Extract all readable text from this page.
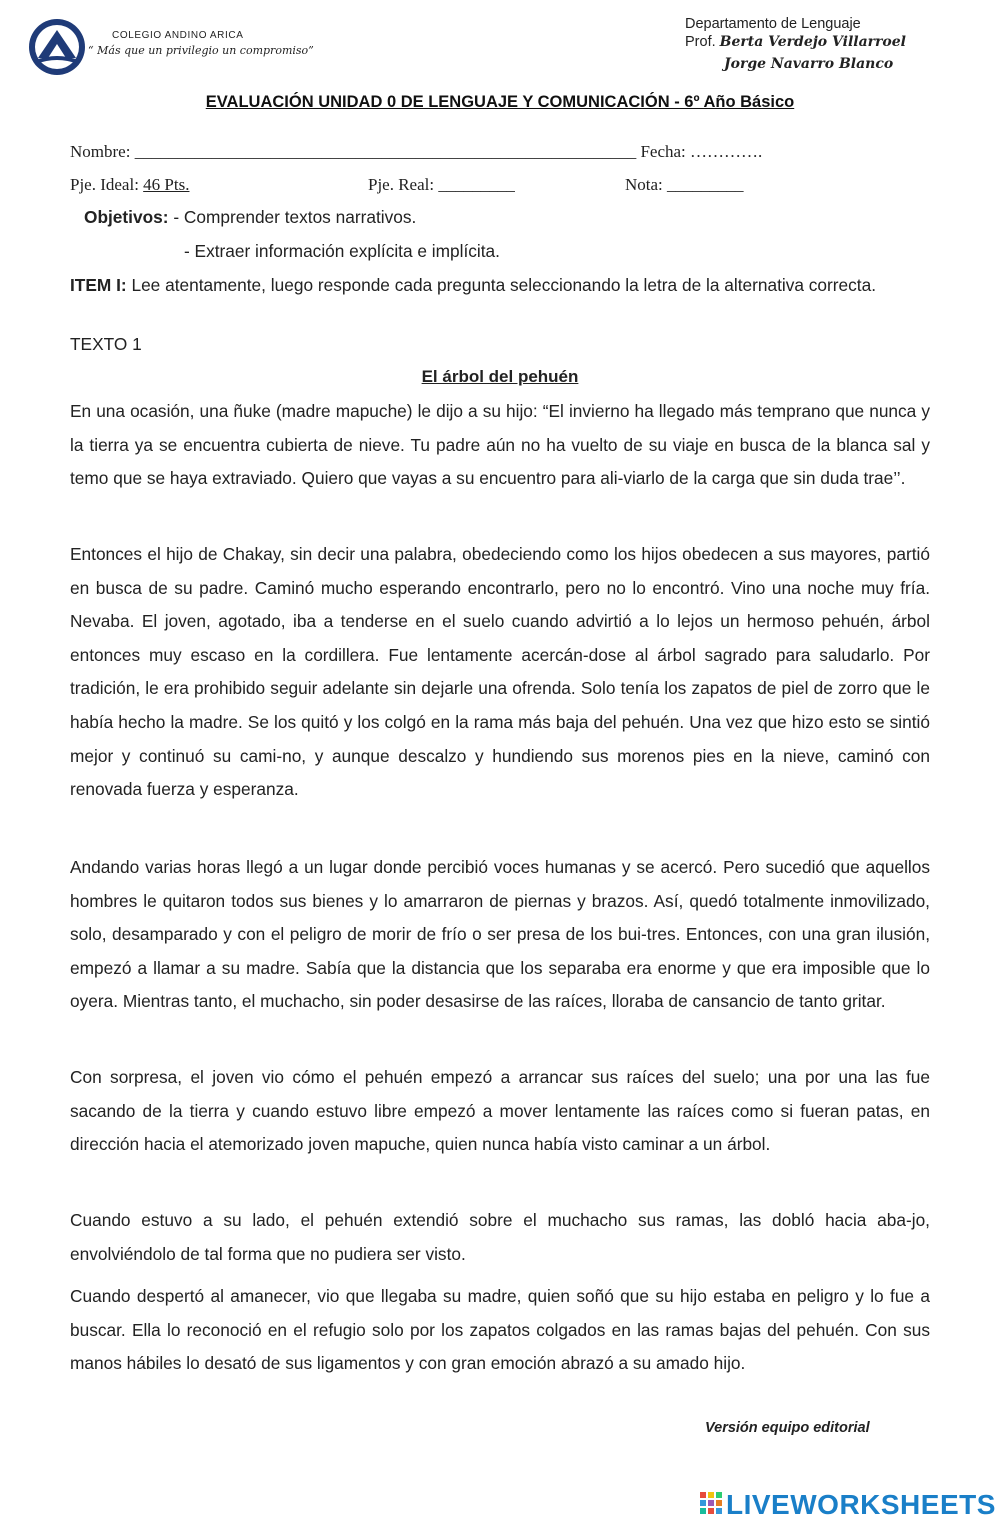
COLEGIO ANDINO ARICA
“ Más que un privilegio un compromiso”
Departamento de Lenguaje
Prof. Berta Verdejo Villarroel
Jorge Navarro Blanco
EVALUACIÓN UNIDAD 0 DE LENGUAJE Y COMUNICACIÓN - 6º Año Básico
Nombre: ___________________________________________________________ Fecha: ………….
Pje. Ideal: 46 Pts.	Pje. Real: _________	Nota: _________
Objetivos: - Comprender textos narrativos.
- Extraer información explícita e implícita.
ITEM I: Lee atentamente, luego responde cada pregunta seleccionando la letra de la alternativa correcta.
TEXTO 1
El árbol del pehuén
En una ocasión, una ñuke (madre mapuche) le dijo a su hijo: “El invierno ha llegado más temprano que nunca y la tierra ya se encuentra cubierta de nieve. Tu padre aún no ha vuelto de su viaje en busca de la blanca sal y temo que se haya extraviado. Quiero que vayas a su encuentro para ali-viarlo de la carga que sin duda trae’’.
Entonces el hijo de Chakay, sin decir una palabra, obedeciendo como los hijos obedecen a sus mayores, partió en busca de su padre. Caminó mucho esperando encontrarlo, pero no lo encontró. Vino una noche muy fría. Nevaba. El joven, agotado, iba a tenderse en el suelo cuando advirtió a lo lejos un hermoso pehuén, árbol entonces muy escaso en la cordillera. Fue lentamente acercán-dose al árbol sagrado para saludarlo. Por tradición, le era prohibido seguir adelante sin dejarle una ofrenda. Solo tenía los zapatos de piel de zorro que le había hecho la madre. Se los quitó y los colgó en la rama más baja del pehuén. Una vez que hizo esto se sintió mejor y continuó su cami-no, y aunque descalzo y hundiendo sus morenos pies en la nieve, caminó con renovada fuerza y esperanza.
Andando varias horas llegó a un lugar donde percibió voces humanas y se acercó. Pero sucedió que aquellos hombres le quitaron todos sus bienes y lo amarraron de piernas y brazos. Así, quedó totalmente inmovilizado, solo, desamparado y con el peligro de morir de frío o ser presa de los bui-tres. Entonces, con una gran ilusión, empezó a llamar a su madre. Sabía que la distancia que los separaba era enorme y que era imposible que lo oyera. Mientras tanto, el muchacho, sin poder desasirse de las raíces, lloraba de cansancio de tanto gritar.
Con sorpresa, el joven vio cómo el pehuén empezó a arrancar sus raíces del suelo; una por una las fue sacando de la tierra y cuando estuvo libre empezó a mover lentamente las raíces como si fueran patas, en dirección hacia el atemorizado joven mapuche, quien nunca había visto caminar a un árbol.
Cuando estuvo a su lado, el pehuén extendió sobre el muchacho sus ramas, las dobló hacia aba-jo, envolviéndolo de tal forma que no pudiera ser visto.
Cuando despertó al amanecer, vio que llegaba su madre, quien soñó que su hijo estaba en peligro y lo fue a buscar. Ella lo reconoció en el refugio solo por los zapatos colgados en las ramas bajas del pehuén. Con sus manos hábiles lo desató de sus ligamentos y con gran emoción abrazó a su amado hijo.
Versión equipo editorial
LIVEWORKSHEETS
